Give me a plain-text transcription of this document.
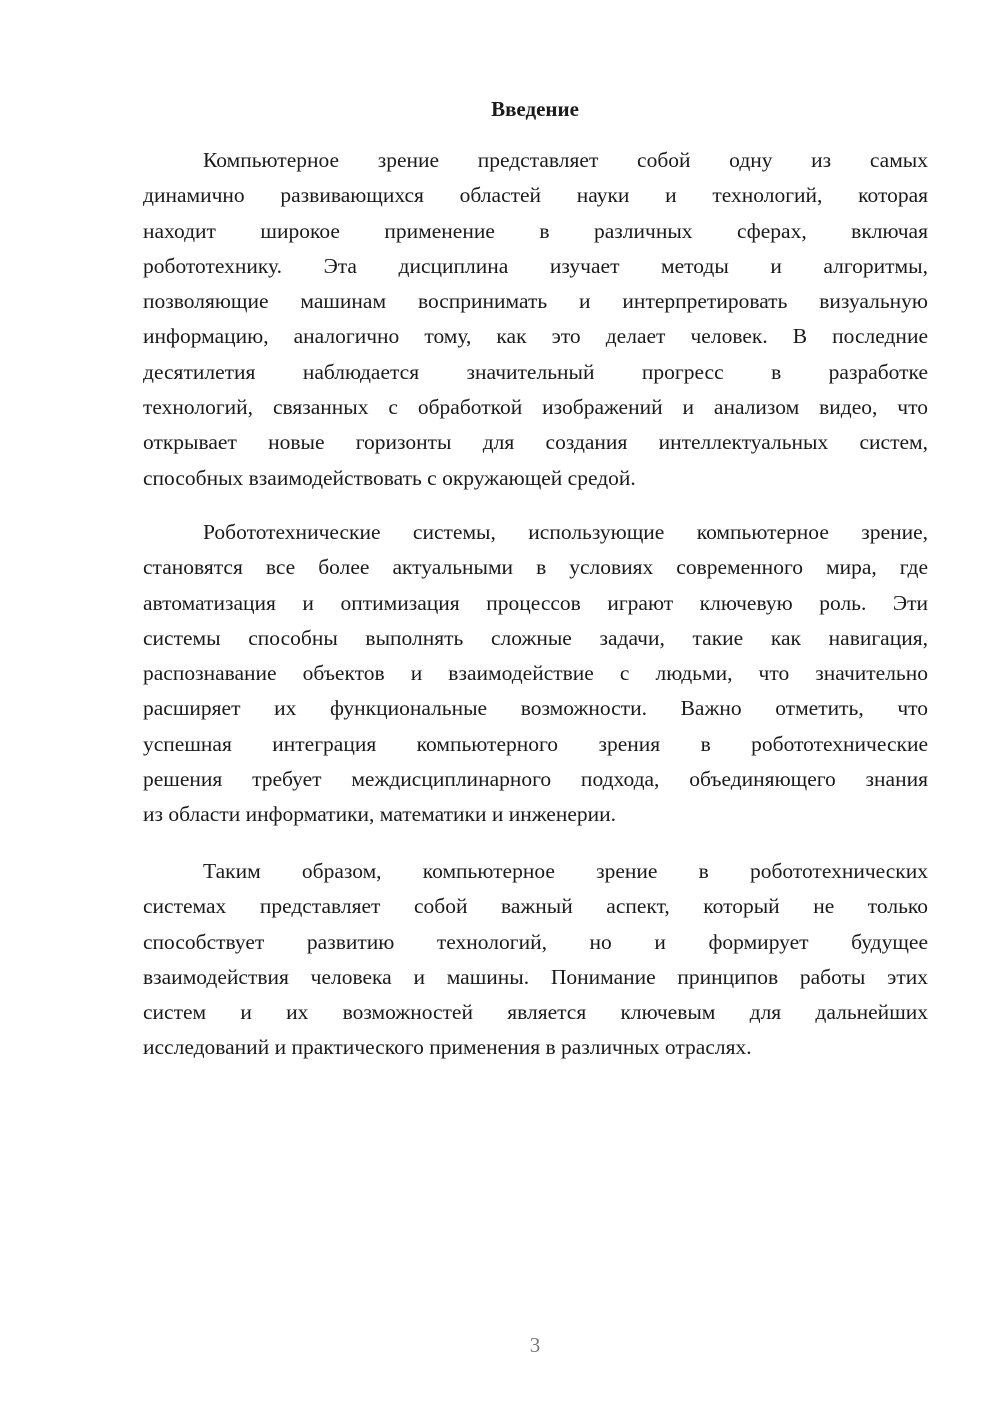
Введение
Компьютерное зрение представляет собой одну из самых
динамично развивающихся областей науки и технологий, которая
находит широкое применение в различных сферах, включая
робототехнику. Эта дисциплина изучает методы и алгоритмы,
позволяющие машинам воспринимать и интерпретировать визуальную
информацию, аналогично тому, как это делает человек. В последние
десятилетия наблюдается значительный прогресс в разработке
технологий, связанных с обработкой изображений и анализом видео, что
открывает новые горизонты для создания интеллектуальных систем,
способных взаимодействовать с окружающей средой.
Робототехнические системы, использующие компьютерное зрение,
становятся все более актуальными в условиях современного мира, где
автоматизация и оптимизация процессов играют ключевую роль. Эти
системы способны выполнять сложные задачи, такие как навигация,
распознавание объектов и взаимодействие с людьми, что значительно
расширяет их функциональные возможности. Важно отметить, что
успешная интеграция компьютерного зрения в робототехнические
решения требует междисциплинарного подхода, объединяющего знания
из области информатики, математики и инженерии.
Таким образом, компьютерное зрение в робототехнических
системах представляет собой важный аспект, который не только
способствует развитию технологий, но и формирует будущее
взаимодействия человека и машины. Понимание принципов работы этих
систем и их возможностей является ключевым для дальнейших
исследований и практического применения в различных отраслях.
3
